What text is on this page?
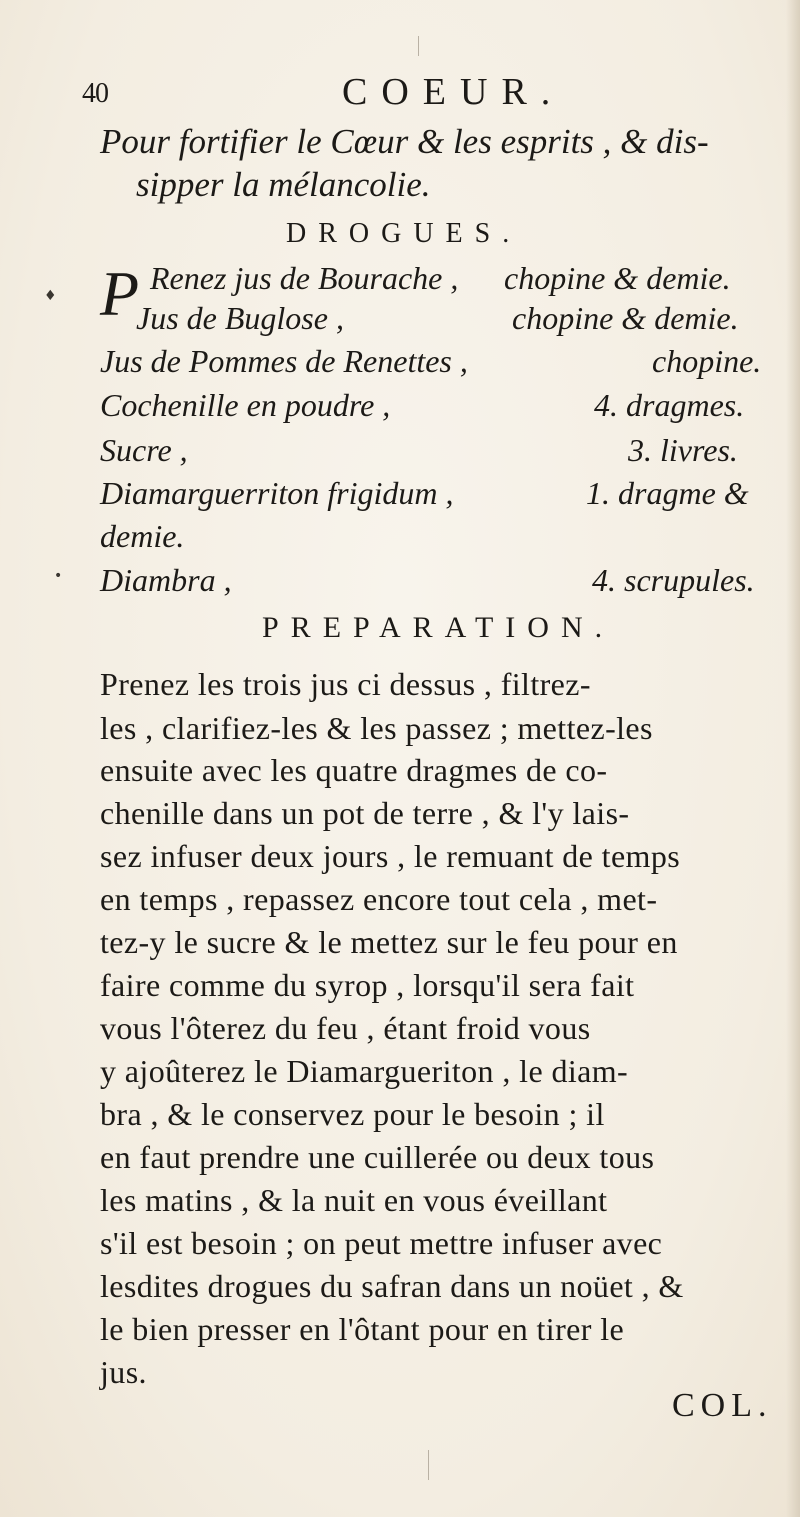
40	COEUR.
Pour fortifier le Cœur & les esprits , & dis-
sipper la mélancolie.
DROGUES.
♦
•
P Renez jus de Bourache , chopine & demie.
Jus de Buglose ,	chopine & demie.
Jus de Pommes de Renettes ,	chopine.
Cochenille en poudre ,	4. dragmes.
Sucre ,	3. livres.
Diamarguerriton frigidum ,	1. dragme &
demie.
Diambra ,	4. scrupules.
PREPARATION.
Prenez les trois jus ci dessus , filtrez-
les , clarifiez-les & les passez ; mettez-les
ensuite avec les quatre dragmes de co-
chenille dans un pot de terre , & l'y lais-
sez infuser deux jours , le remuant de temps
en temps , repassez encore tout cela , met-
tez-y le sucre & le mettez sur le feu pour en
faire comme du syrop , lorsqu'il sera fait
vous l'ôterez du feu , étant froid vous
y ajoûterez le Diamargueriton , le diam-
bra , & le conservez pour le besoin ; il
en faut prendre une cuillerée ou deux tous
les matins , & la nuit en vous éveillant
s'il est besoin ; on peut mettre infuser avec
lesdites drogues du safran dans un noüet , &
le bien presser en l'ôtant pour en tirer le
jus.
COL.
